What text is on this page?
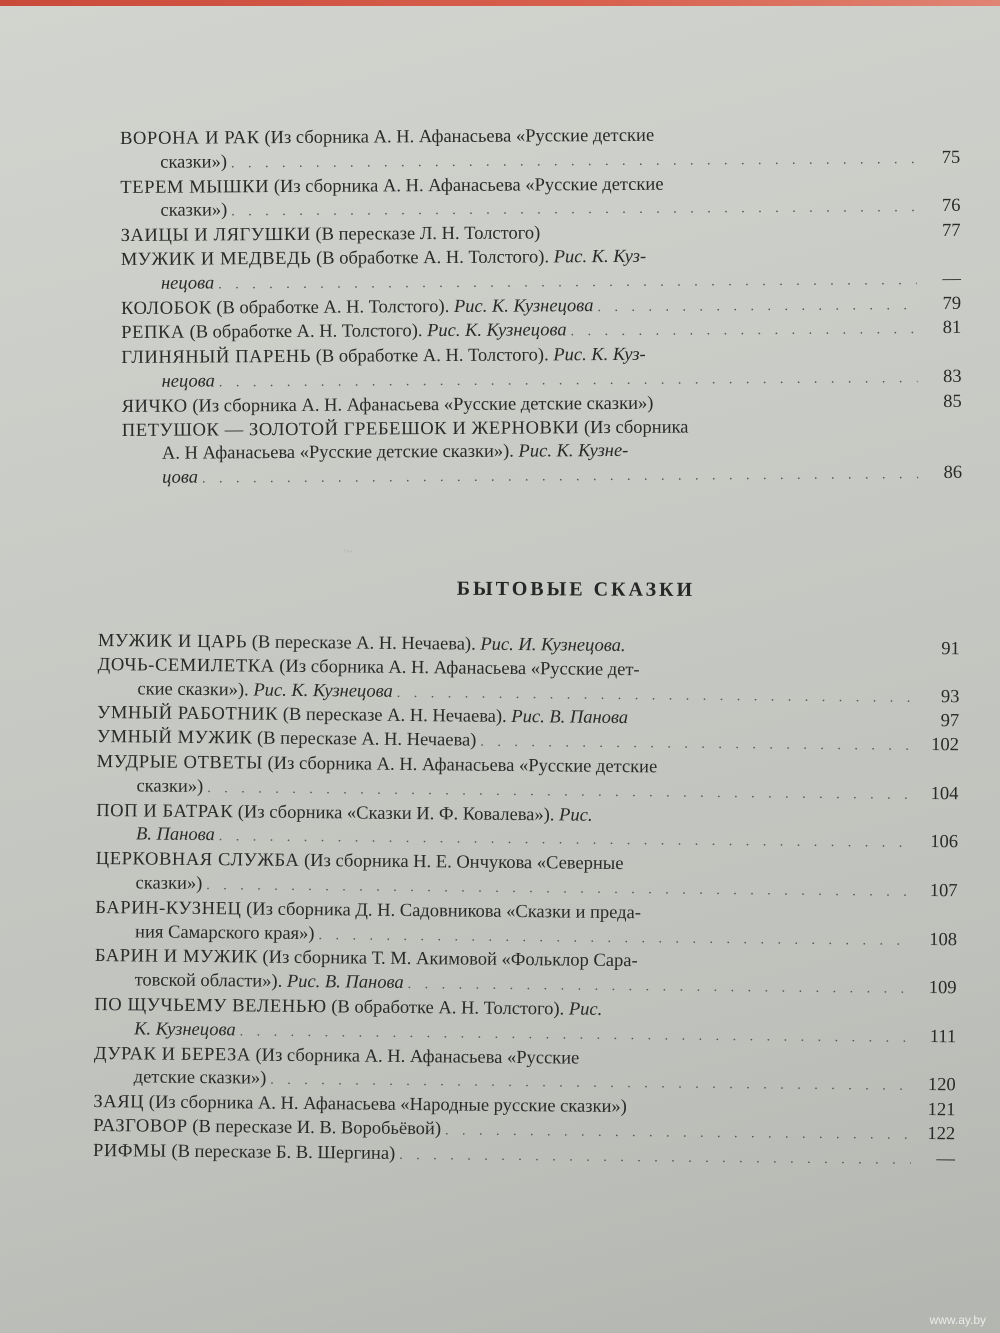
ВОРОНА И РАК (Из сборника А. Н. Афанасьева «Русские детские
сказки») . . .	75
ТЕРЕМ МЫШКИ (Из сборника А. Н. Афанасьева «Русские детские
сказки») . . .	76
ЗАИЦЫ И ЛЯГУШКИ (В пересказе Л. Н. Толстого)	77
МУЖИК И МЕДВЕДЬ (В обработке А. Н. Толстого). Рис. К. Куз-
нецова . . .	—
КОЛОБОК (В обработке А. Н. Толстого). Рис. К. Кузнецова . . .	79
РЕПКА (В обработке А. Н. Толстого). Рис. К. Кузнецова . . .	81
ГЛИНЯНЫЙ ПАРЕНЬ (В обработке А. Н. Толстого). Рис. К. Куз-
нецова . . .	83
ЯИЧКО (Из сборника А. Н. Афанасьева «Русские детские сказки»)	85
ПЕТУШОК — ЗОЛОТОЙ ГРЕБЕШОК И ЖЕРНОВКИ (Из сборника
А. Н Афанасьева «Русские детские сказки»). Рис. К. Кузне-
цова . . .	86
~
БЫТОВЫЕ СКАЗКИ
МУЖИК И ЦАРЬ (В пересказе А. Н. Нечаева). Рис. И. Кузнецова.	91
ДОЧЬ-СЕМИЛЕТКА (Из сборника А. Н. Афанасьева «Русские дет-
ские сказки»). Рис. К. Кузнецова . . .	93
УМНЫЙ РАБОТНИК (В пересказе А. Н. Нечаева). Рис. В. Панова	97
УМНЫЙ МУЖИК (В пересказе А. Н. Нечаева) . . .	102
МУДРЫЕ ОТВЕТЫ (Из сборника А. Н. Афанасьева «Русские детские
сказки») . . .	104
ПОП И БАТРАК (Из сборника «Сказки И. Ф. Ковалева»). Рис.
В. Панова . . .	106
ЦЕРКОВНАЯ СЛУЖБА (Из сборника Н. Е. Ончукова «Северные
сказки») . . .	107
БАРИН-КУЗНЕЦ (Из сборника Д. Н. Садовникова «Сказки и преда-
ния Самарского края») . . .	108
БАРИН И МУЖИК (Из сборника Т. М. Акимовой «Фольклор Сара-
товской области»). Рис. В. Панова . . .	109
ПО ЩУЧЬЕМУ ВЕЛЕНЬЮ (В обработке А. Н. Толстого). Рис.
К. Кузнецова . . .	111
ДУРАК И БЕРЕЗА (Из сборника А. Н. Афанасьева «Русские
детские сказки») . . .	120
ЗАЯЦ (Из сборника А. Н. Афанасьева «Народные русские сказки»)	121
РАЗГОВОР (В пересказе И. В. Воробьёвой) . . .	122
РИФМЫ (В пересказе Б. В. Шергина) . . .	—
www.ay.by
